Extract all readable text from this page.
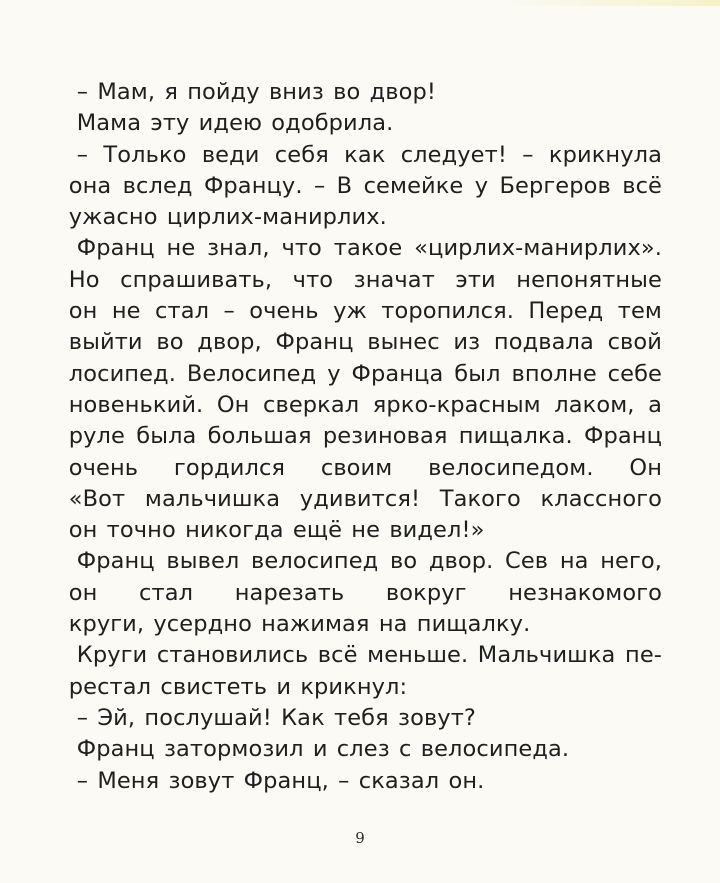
– Мам, я пойду вниз во двор!
Мама эту идею одобрила.
– Только веди себя как следует! – крикнула
она вслед Францу. – В семейке у Бергеров всё
ужасно цирлих-манирлих.
Франц не знал, что такое «цирлих-манирлих».
Но спрашивать, что значат эти непонятные
он не стал – очень уж торопился. Перед тем
выйти во двор, Франц вынес из подвала свой
лосипед. Велосипед у Франца был вполне себе
новенький. Он сверкал ярко-красным лаком, а
руле была большая резиновая пищалка. Франц
очень гордился своим велосипедом. Он
«Вот мальчишка удивится! Такого классного
он точно никогда ещё не видел!»
Франц вывел велосипед во двор. Сев на него,
он стал нарезать вокруг незнакомого
круги, усердно нажимая на пищалку.
Круги становились всё меньше. Мальчишка пе-
рестал свистеть и крикнул:
– Эй, послушай! Как тебя зовут?
Франц затормозил и слез с велосипеда.
– Меня зовут Франц, – сказал он.
9
